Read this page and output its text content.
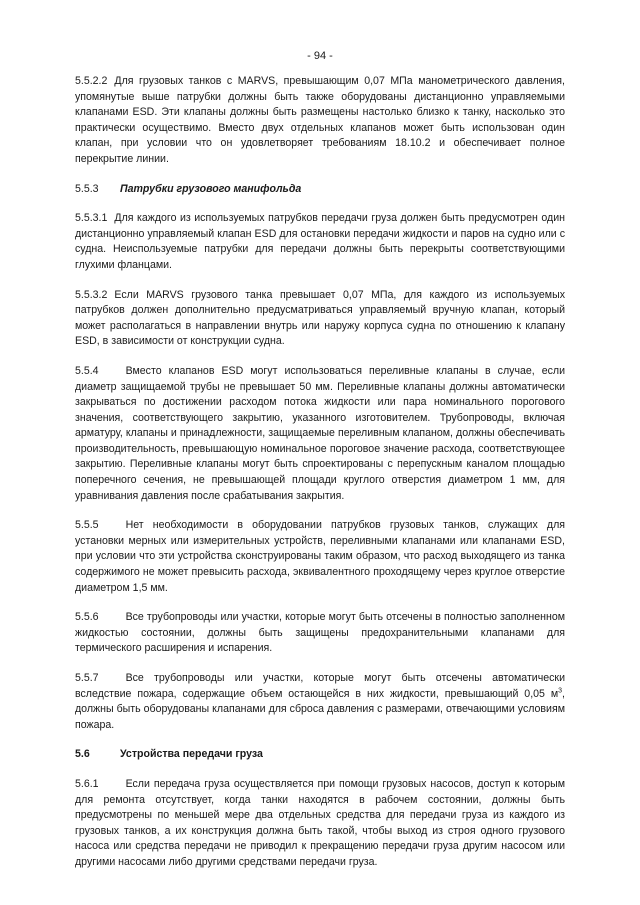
- 94 -

5.5.2.2 Для грузовых танков с MARVS, превышающим 0,07 МПа манометрического давления, упомянутые выше патрубки должны быть также оборудованы дистанционно управляемыми клапанами ESD. Эти клапаны должны быть размещены настолько близко к танку, насколько это практически осуществимо. Вместо двух отдельных клапанов может быть использован один клапан, при условии что он удовлетворяет требованиям 18.10.2 и обеспечивает полное перекрытие линии.

5.5.3	Патрубки грузового манифольда

5.5.3.1 Для каждого из используемых патрубков передачи груза должен быть предусмотрен один дистанционно управляемый клапан ESD для остановки передачи жидкости и паров на судно или с судна. Неиспользуемые патрубки для передачи должны быть перекрыты соответствующими глухими фланцами.

5.5.3.2 Если MARVS грузового танка превышает 0,07 МПа, для каждого из используемых патрубков должен дополнительно предусматриваться управляемый вручную клапан, который может располагаться в направлении внутрь или наружу корпуса судна по отношению к клапану ESD, в зависимости от конструкции судна.

5.5.4	Вместо клапанов ESD могут использоваться переливные клапаны в случае, если диаметр защищаемой трубы не превышает 50 мм. Переливные клапаны должны автоматически закрываться по достижении расходом потока жидкости или пара номинального порогового значения, соответствующего закрытию, указанного изготовителем. Трубопроводы, включая арматуру, клапаны и принадлежности, защищаемые переливным клапаном, должны обеспечивать производительность, превышающую номинальное пороговое значение расхода, соответствующее закрытию. Переливные клапаны могут быть спроектированы с перепускным каналом площадью поперечного сечения, не превышающей площади круглого отверстия диаметром 1 мм, для уравнивания давления после срабатывания закрытия.

5.5.5	Нет необходимости в оборудовании патрубков грузовых танков, служащих для установки мерных или измерительных устройств, переливными клапанами или клапанами ESD, при условии что эти устройства сконструированы таким образом, что расход выходящего из танка содержимого не может превысить расхода, эквивалентного проходящему через круглое отверстие диаметром 1,5 мм.

5.5.6	Все трубопроводы или участки, которые могут быть отсечены в полностью заполненном жидкостью состоянии, должны быть защищены предохранительными клапанами для термического расширения и испарения.

5.5.7	Все трубопроводы или участки, которые могут быть отсечены автоматически вследствие пожара, содержащие объем остающейся в них жидкости, превышающий 0,05 $м^3$, должны быть оборудованы клапанами для сброса давления с размерами, отвечающими условиям пожара.

5.6	Устройства передачи груза

5.6.1	Если передача груза осуществляется при помощи грузовых насосов, доступ к которым для ремонта отсутствует, когда танки находятся в рабочем состоянии, должны быть предусмотрены по меньшей мере два отдельных средства для передачи груза из каждого из грузовых танков, а их конструкция должна быть такой, чтобы выход из строя одного грузового насоса или средства передачи не приводил к прекращению передачи груза другим насосом или другими насосами либо другими средствами передачи груза.
